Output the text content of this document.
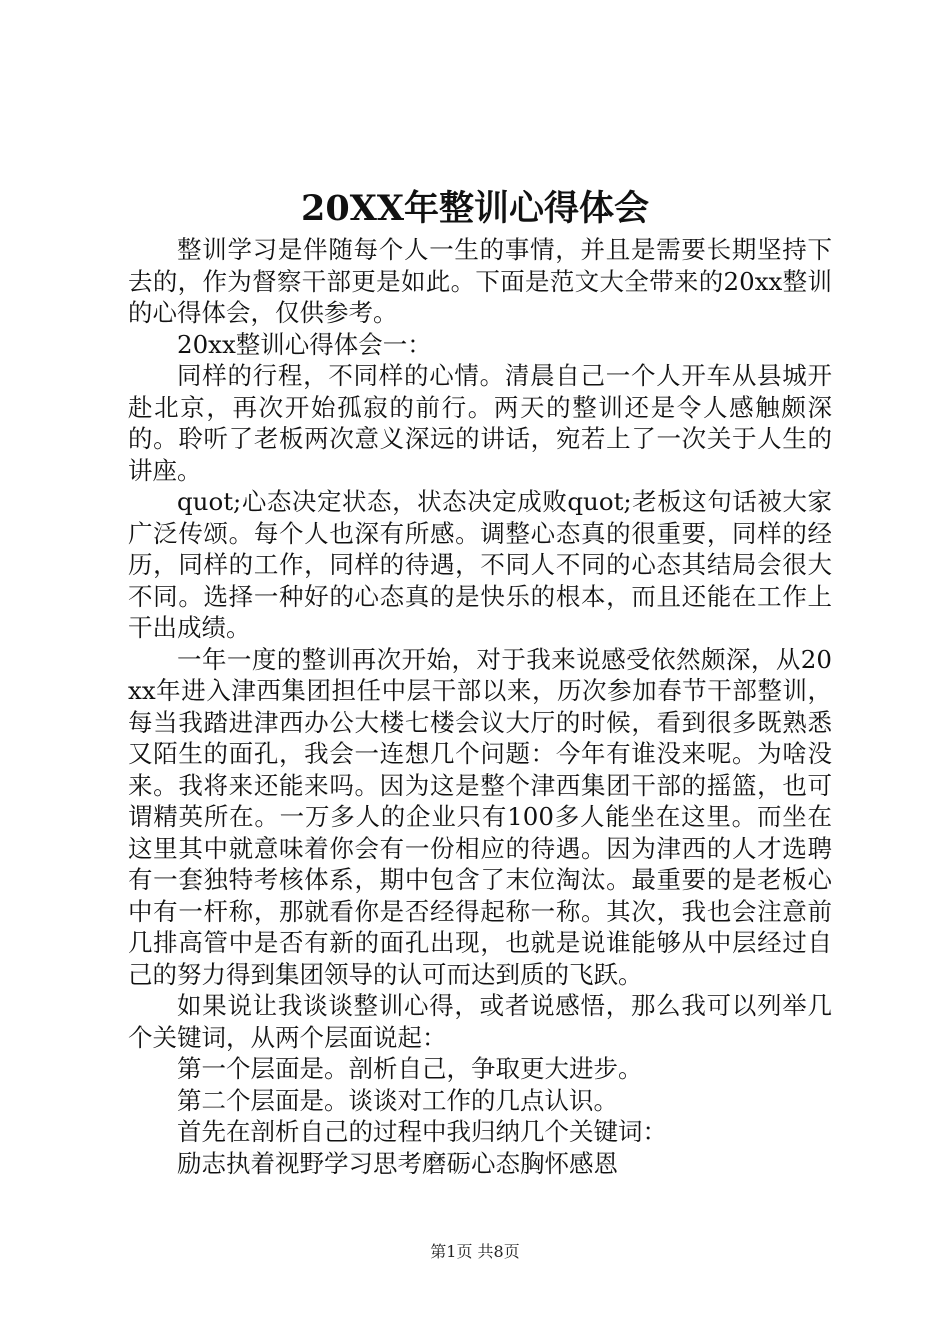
20XX年整训心得体会

整训学习是伴随每个人一生的事情，并且是需要长期坚持下去的，作为督察干部更是如此。下面是范文大全带来的20xx整训的心得体会，仅供参考。

20xx整训心得体会一：

同样的行程，不同样的心情。清晨自己一个人开车从县城开赴北京，再次开始孤寂的前行。两天的整训还是令人感触颇深的。聆听了老板两次意义深远的讲话，宛若上了一次关于人生的讲座。

quot;心态决定状态，状态决定成败quot;老板这句话被大家广泛传颂。每个人也深有所感。调整心态真的很重要，同样的经历，同样的工作，同样的待遇，不同人不同的心态其结局会很大不同。选择一种好的心态真的是快乐的根本，而且还能在工作上干出成绩。

一年一度的整训再次开始，对于我来说感受依然颇深，从20xx年进入津西集团担任中层干部以来，历次参加春节干部整训，每当我踏进津西办公大楼七楼会议大厅的时候，看到很多既熟悉又陌生的面孔，我会一连想几个问题：今年有谁没来呢。为啥没来。我将来还能来吗。因为这是整个津西集团干部的摇篮，也可谓精英所在。一万多人的企业只有100多人能坐在这里。而坐在这里其中就意味着你会有一份相应的待遇。因为津西的人才选聘有一套独特考核体系，期中包含了末位淘汰。最重要的是老板心中有一杆称，那就看你是否经得起称一称。其次，我也会注意前几排高管中是否有新的面孔出现，也就是说谁能够从中层经过自己的努力得到集团领导的认可而达到质的飞跃。

如果说让我谈谈整训心得，或者说感悟，那么我可以列举几个关键词，从两个层面说起：

第一个层面是。剖析自己，争取更大进步。

第二个层面是。谈谈对工作的几点认识。

首先在剖析自己的过程中我归纳几个关键词：

励志执着视野学习思考磨砺心态胸怀感恩

第1页 共8页
